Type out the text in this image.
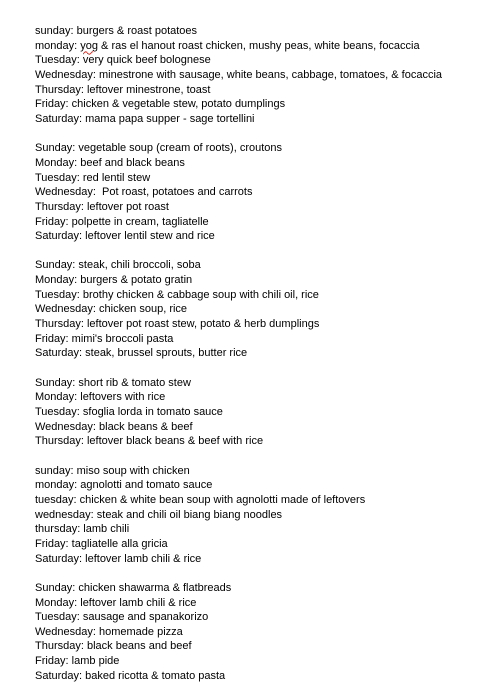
sunday: burgers & roast potatoes
monday: yog & ras el hanout roast chicken, mushy peas, white beans, focaccia
Tuesday: very quick beef bolognese
Wednesday: minestrone with sausage, white beans, cabbage, tomatoes, & focaccia
Thursday: leftover minestrone, toast
Friday: chicken & vegetable stew, potato dumplings
Saturday: mama papa supper - sage tortellini
Sunday: vegetable soup (cream of roots), croutons
Monday: beef and black beans
Tuesday: red lentil stew
Wednesday:  Pot roast, potatoes and carrots
Thursday: leftover pot roast
Friday: polpette in cream, tagliatelle
Saturday: leftover lentil stew and rice
Sunday: steak, chili broccoli, soba
Monday: burgers & potato gratin
Tuesday: brothy chicken & cabbage soup with chili oil, rice
Wednesday: chicken soup, rice
Thursday: leftover pot roast stew, potato & herb dumplings
Friday: mimi's broccoli pasta
Saturday: steak, brussel sprouts, butter rice
Sunday: short rib & tomato stew
Monday: leftovers with rice
Tuesday: sfoglia lorda in tomato sauce
Wednesday: black beans & beef
Thursday: leftover black beans & beef with rice
sunday: miso soup with chicken
monday: agnolotti and tomato sauce
tuesday: chicken & white bean soup with agnolotti made of leftovers
wednesday: steak and chili oil biang biang noodles
thursday: lamb chili
Friday: tagliatelle alla gricia
Saturday: leftover lamb chili & rice
Sunday: chicken shawarma & flatbreads
Monday: leftover lamb chili & rice
Tuesday: sausage and spanakorizo
Wednesday: homemade pizza
Thursday: black beans and beef
Friday: lamb pide
Saturday: baked ricotta & tomato pasta
